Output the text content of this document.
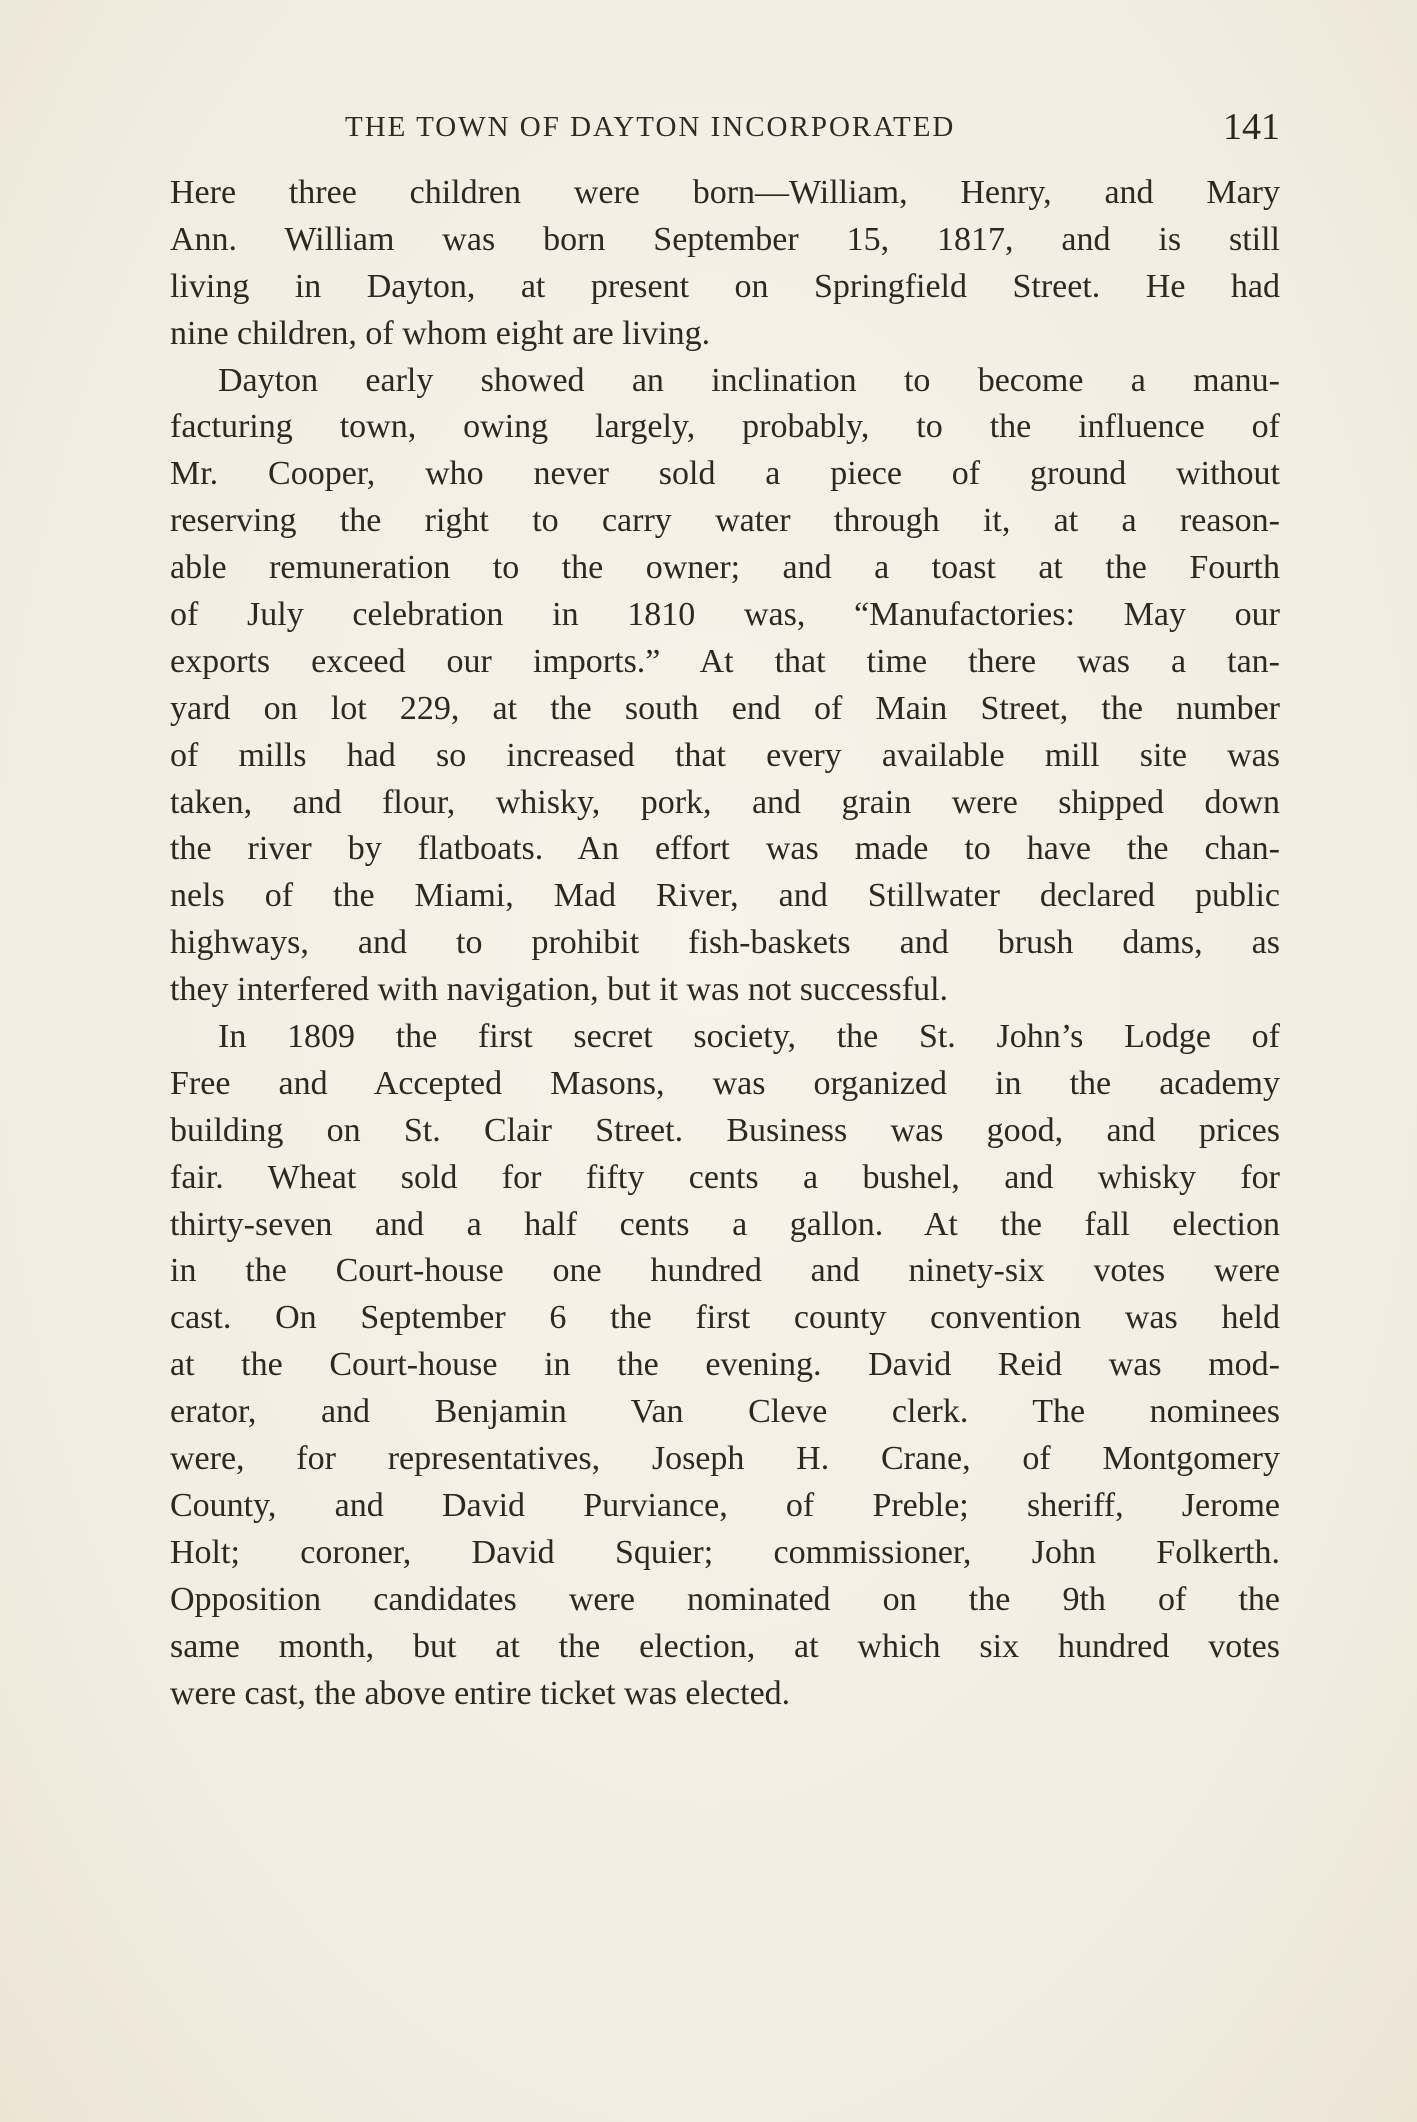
THE TOWN OF DAYTON INCORPORATED	141
Here three children were born—William, Henry, and Mary
Ann. William was born September 15, 1817, and is still
living in Dayton, at present on Springfield Street. He had
nine children, of whom eight are living.
Dayton early showed an inclination to become a manu-
facturing town, owing largely, probably, to the influence of
Mr. Cooper, who never sold a piece of ground without
reserving the right to carry water through it, at a reason-
able remuneration to the owner; and a toast at the Fourth
of July celebration in 1810 was, “Manufactories: May our
exports exceed our imports.” At that time there was a tan-
yard on lot 229, at the south end of Main Street, the number
of mills had so increased that every available mill site was
taken, and flour, whisky, pork, and grain were shipped down
the river by flatboats. An effort was made to have the chan-
nels of the Miami, Mad River, and Stillwater declared public
highways, and to prohibit fish-baskets and brush dams, as
they interfered with navigation, but it was not successful.
In 1809 the first secret society, the St. John’s Lodge of
Free and Accepted Masons, was organized in the academy
building on St. Clair Street. Business was good, and prices
fair. Wheat sold for fifty cents a bushel, and whisky for
thirty-seven and a half cents a gallon. At the fall election
in the Court-house one hundred and ninety-six votes were
cast. On September 6 the first county convention was held
at the Court-house in the evening. David Reid was mod-
erator, and Benjamin Van Cleve clerk. The nominees
were, for representatives, Joseph H. Crane, of Montgomery
County, and David Purviance, of Preble; sheriff, Jerome
Holt; coroner, David Squier; commissioner, John Folkerth.
Opposition candidates were nominated on the 9th of the
same month, but at the election, at which six hundred votes
were cast, the above entire ticket was elected.
